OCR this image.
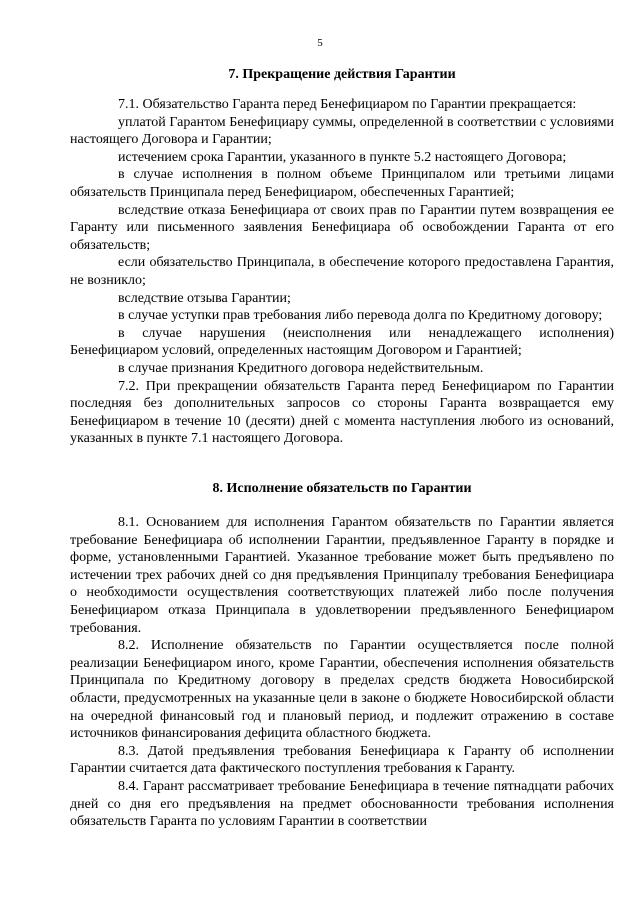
5
7. Прекращение действия Гарантии

7.1. Обязательство Гаранта перед Бенефициаром по Гарантии прекращается:

уплатой Гарантом Бенефициару суммы, определенной в соответствии с условиями настоящего Договора и Гарантии;

истечением срока Гарантии, указанного в пункте 5.2 настоящего Договора;

в случае исполнения в полном объеме Принципалом или третьими лицами обязательств Принципала перед Бенефициаром, обеспеченных Гарантией;

вследствие отказа Бенефициара от своих прав по Гарантии путем возвращения ее Гаранту или письменного заявления Бенефициара об освобождении Гаранта от его обязательств;

если обязательство Принципала, в обеспечение которого предоставлена Гарантия, не возникло;

вследствие отзыва Гарантии;

в случае уступки прав требования либо перевода долга по Кредитному договору;

в случае нарушения (неисполнения или ненадлежащего исполнения) Бенефициаром условий, определенных настоящим Договором и Гарантией;

в случае признания Кредитного договора недействительным.

7.2. При прекращении обязательств Гаранта перед Бенефициаром по Гарантии последняя без дополнительных запросов со стороны Гаранта возвращается ему Бенефициаром в течение 10 (десяти) дней с момента наступления любого из оснований, указанных в пункте 7.1 настоящего Договора.

8. Исполнение обязательств по Гарантии

8.1. Основанием для исполнения Гарантом обязательств по Гарантии является требование Бенефициара об исполнении Гарантии, предъявленное Гаранту в порядке и форме, установленными Гарантией. Указанное требование может быть предъявлено по истечении трех рабочих дней со дня предъявления Принципалу требования Бенефициара о необходимости осуществления соответствующих платежей либо после получения Бенефициаром отказа Принципала в удовлетворении предъявленного Бенефициаром требования.

8.2. Исполнение обязательств по Гарантии осуществляется после полной реализации Бенефициаром иного, кроме Гарантии, обеспечения исполнения обязательств Принципала по Кредитному договору в пределах средств бюджета Новосибирской области, предусмотренных на указанные цели в законе о бюджете Новосибирской области на очередной финансовый год и плановый период, и подлежит отражению в составе источников финансирования дефицита областного бюджета.

8.3. Датой предъявления требования Бенефициара к Гаранту об исполнении Гарантии считается дата фактического поступления требования к Гаранту.

8.4. Гарант рассматривает требование Бенефициара в течение пятнадцати рабочих дней со дня его предъявления на предмет обоснованности требования исполнения обязательств Гаранта по условиям Гарантии в соответствии
